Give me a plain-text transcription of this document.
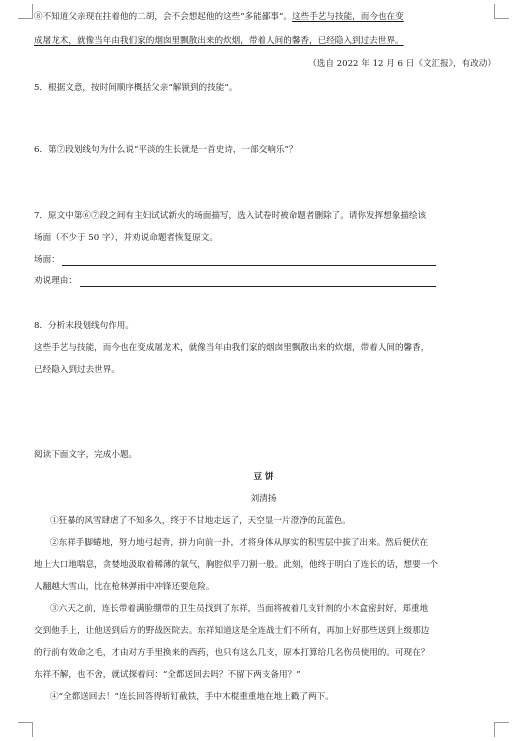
⑧不知道父亲现在拄着他的二胡，会不会想起他的这些“多能鄙事”。这些手艺与技能，而今也在变
成屠龙术，就像当年由我们家的烟囱里飘散出来的炊烟，带着人间的馨香，已经隐入到过去世界。
（选自 2022 年 12 月 6 日《文汇报》，有改动）
5．根据文意，按时间顺序概括父亲“解锁到的技能”。
6．第⑦段划线句为什么说“平淡的生长就是一首史诗，一部交响乐”？
7．原文中第⑥⑦段之间有主妇试试新火的场面描写，选入试卷时被命题者删除了。请你发挥想象描绘该
场面（不少于 50 字），并劝说命题者恢复原文。
场面：
劝说理由：
8．分析末段划线句作用。
这些手艺与技能，而今也在变成屠龙术，就像当年由我们家的烟囱里飘散出来的炊烟，带着人间的馨香，
已经隐入到过去世界。
阅读下面文字，完成小题。
豆 饼
刘清扬
①狂暴的风雪肆虐了不知多久，终于不甘地走远了，天空显一片澄净的瓦蓝色。
②东祥手脚蜷地，努力地弓起背，拼力向前一扑，才将身体从厚实的积雪层中拔了出来。然后便伏在
地上大口地喘息，贪婪地汲取着稀薄的氧气，胸腔似乎刀割一般。此刻，他终于明白了连长的话，想要一个
人翻越大雪山，比在枪林弹雨中冲锋还要危险。
③六天之前，连长带着满脸绷带的卫生员找到了东祥，当面将被着几支针剂的小木盒密封好，郑重地
交到他手上，让他送到后方的野战医院去。东祥知道这是全连战士们不所有，再加上好那些送到上级那边
的行前有效命之毛，才由对方手里换来的西药，也只有这么几支，原本打算给几名伤员使用的。可现在？
东祥不解，也不舍，就试探着问：“全都送回去吗？不留下两支备用？”
④“全都送回去！”连长回答得斩钉截铁，手中木棍重重地在地上戳了两下。
